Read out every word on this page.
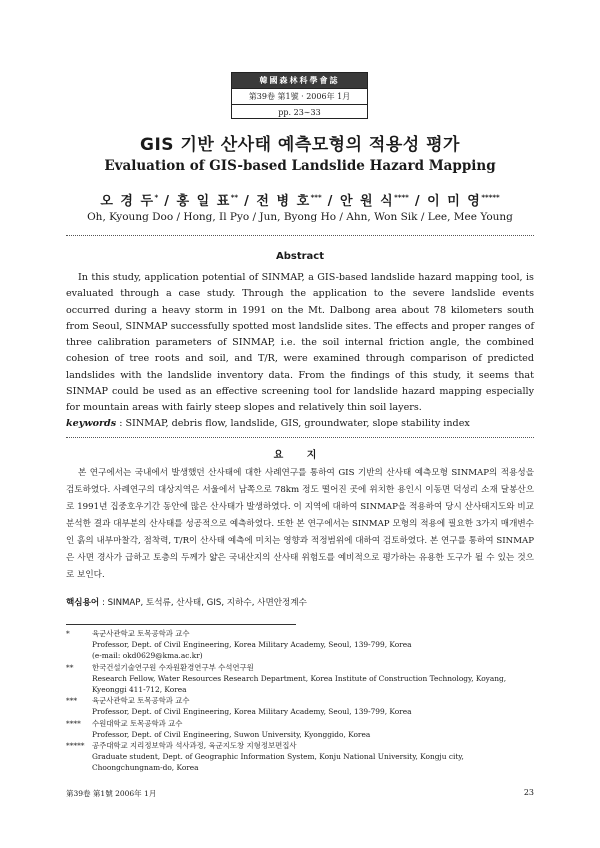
韓國森林科學會誌
第39卷 第1號 · 2006年 1月
pp. 23∼33
GIS 기반 산사태 예측모형의 적용성 평가
Evaluation of GIS-based Landslide Hazard Mapping
오 경 두* / 홍 일 표** / 전 병 호*** / 안 원 식**** / 이 미 영*****
Oh, Kyoung Doo / Hong, Il Pyo / Jun, Byong Ho / Ahn, Won Sik / Lee, Mee Young
Abstract
In this study, application potential of SINMAP, a GIS-based landslide hazard mapping tool, is evaluated through a case study. Through the application to the severe landslide events occurred during a heavy storm in 1991 on the Mt. Dalbong area about 78 kilometers south from Seoul, SINMAP successfully spotted most landslide sites. The effects and proper ranges of three calibration parameters of SINMAP, i.e. the soil internal friction angle, the combined cohesion of tree roots and soil, and T/R, were examined through comparison of predicted landslides with the landslide inventory data. From the findings of this study, it seems that SINMAP could be used as an effective screening tool for landslide hazard mapping especially for mountain areas with fairly steep slopes and relatively thin soil layers.
keywords : SINMAP, debris flow, landslide, GIS, groundwater, slope stability index
요 지
본 연구에서는 국내에서 발생했던 산사태에 대한 사례연구를 통하여 GIS 기반의 산사태 예측모형 SINMAP의 적용성을 검토하였다. 사례연구의 대상지역은 서울에서 남쪽으로 78km 정도 떨어진 곳에 위치한 용인시 이동면 덕성리 소재 달봉산으로 1991년 집중호우기간 동안에 많은 산사태가 발생하였다. 이 지역에 대하여 SINMAP을 적용하여 당시 산사태지도와 비교 분석한 결과 대부분의 산사태를 성공적으로 예측하였다. 또한 본 연구에서는 SINMAP 모형의 적용에 필요한 3가지 매개변수인 흙의 내부마찰각, 점착력, T/R이 산사태 예측에 미치는 영향과 적정범위에 대하여 검토하였다. 본 연구를 통하여 SINMAP은 사면 경사가 급하고 토층의 두께가 얇은 국내산지의 산사태 위험도를 예비적으로 평가하는 유용한 도구가 될 수 있는 것으로 보인다.
핵심용어 : SINMAP, 토석류, 산사태, GIS, 지하수, 사면안정계수
*	육군사관학교 토목공학과 교수
Professor, Dept. of Civil Engineering, Korea Military Academy, Seoul, 139-799, Korea
(e-mail: okd0629@kma.ac.kr)
**	한국건설기술연구원 수자원환경연구부 수석연구원
Research Fellow, Water Resources Research Department, Korea Institute of Construction Technology, Koyang,
Kyeonggi 411-712, Korea
*** 육군사관학교 토목공학과 교수
Professor, Dept. of Civil Engineering, Korea Military Academy, Seoul, 139-799, Korea
**** 수원대학교 토목공학과 교수
Professor, Dept. of Civil Engineering, Suwon University, Kyonggido, Korea
***** 공주대학교 지리정보학과 석사과정, 육군지도창 지형정보편집사
Graduate student, Dept. of Geographic Information System, Konju National University, Kongju city,
Choongchungnam-do, Korea
第39卷 第1號 2006年 1月	23
